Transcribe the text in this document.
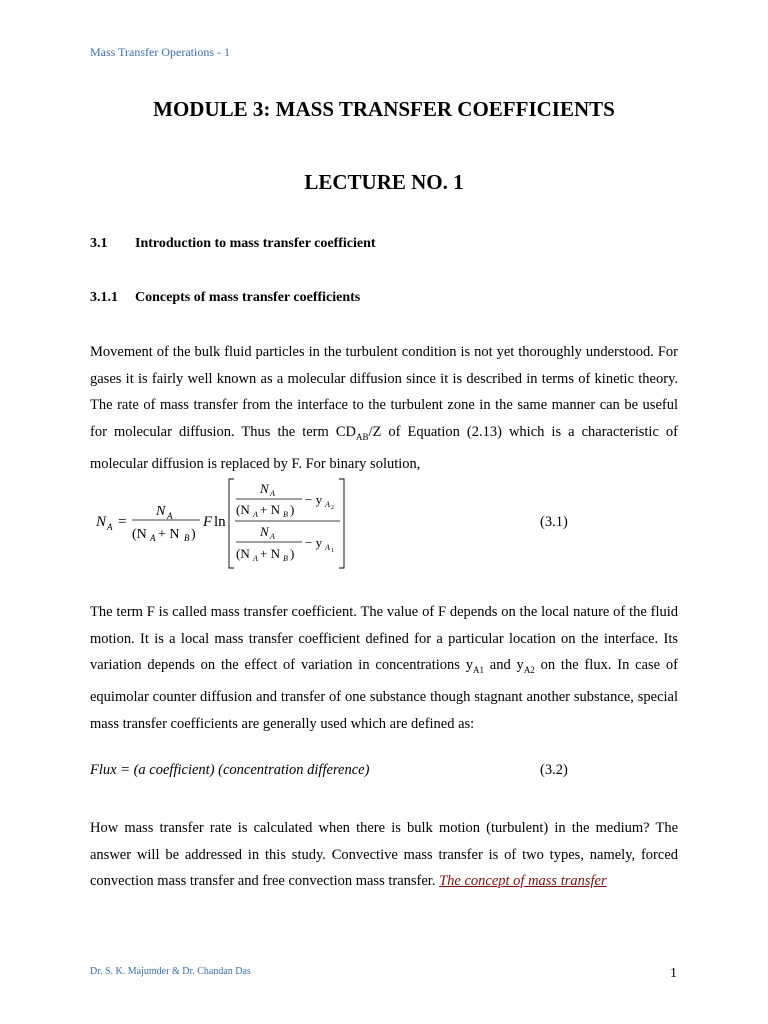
Mass Transfer Operations - 1
MODULE 3: MASS TRANSFER COEFFICIENTS
LECTURE NO. 1
3.1 Introduction to mass transfer coefficient
3.1.1 Concepts of mass transfer coefficients
Movement of the bulk fluid particles in the turbulent condition is not yet thoroughly understood. For gases it is fairly well known as a molecular diffusion since it is described in terms of kinetic theory. The rate of mass transfer from the interface to the turbulent zone in the same manner can be useful for molecular diffusion. Thus the term $CD_{AB}/Z$ of Equation (2.13) which is a characteristic of molecular diffusion is replaced by F. For binary solution,
N A =
N A
(N A + N B )
F ln
N A
(N A + N B )
− y A 2
N A
(N A + N B )
− y A 1
(3.1)
The term F is called mass transfer coefficient. The value of F depends on the local nature of the fluid motion. It is a local mass transfer coefficient defined for a particular location on the interface. Its variation depends on the effect of variation in concentrations $y_{A1}$ and $y_{A2}$ on the flux. In case of equimolar counter diffusion and transfer of one substance though stagnant another substance, special mass transfer coefficients are generally used which are defined as:
Flux = (a coefficient) (concentration difference)	(3.2)
How mass transfer rate is calculated when there is bulk motion (turbulent) in the medium? The answer will be addressed in this study. Convective mass transfer is of two types, namely, forced convection mass transfer and free convection mass transfer. The concept of mass transfer
Dr. S. K. Majumder & Dr. Chandan Das	1
